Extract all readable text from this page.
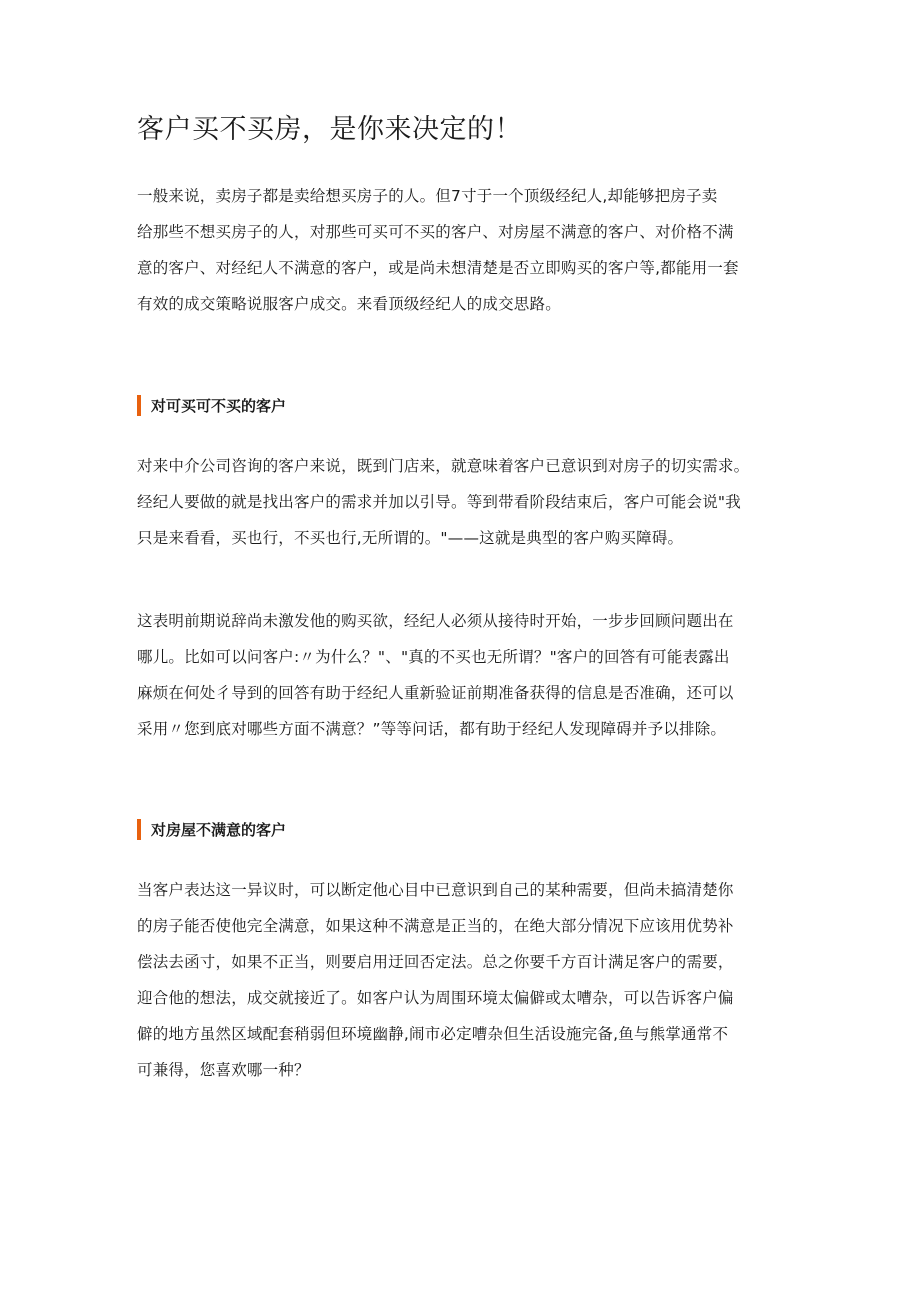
客户买不买房，是你来决定的！
一般来说，卖房子都是卖给想买房子的人。但7寸于一个顶级经纪人,却能够把房子卖
给那些不想买房子的人，对那些可买可不买的客户、对房屋不满意的客户、对价格不满
意的客户、对经纪人不满意的客户，或是尚未想清楚是否立即购买的客户等,都能用一套
有效的成交策略说服客户成交。来看顶级经纪人的成交思路。
对可买可不买的客户
对来中介公司咨询的客户来说，既到门店来，就意味着客户已意识到对房子的切实需求。
经纪人要做的就是找出客户的需求并加以引导。等到带看阶段结束后，客户可能会说"我
只是来看看，买也行，不买也行,无所谓的。"——这就是典型的客户购买障碍。
这表明前期说辞尚未激发他的购买欲，经纪人必须从接待时开始，一步步回顾问题出在
哪儿。比如可以问客户:〃为什么？"、"真的不买也无所谓？"客户的回答有可能表露出
麻烦在何处彳导到的回答有助于经纪人重新验证前期准备获得的信息是否准确，还可以
采用〃您到底对哪些方面不满意？”等等问话，都有助于经纪人发现障碍并予以排除。
对房屋不满意的客户
当客户表达这一异议时，可以断定他心目中已意识到自己的某种需要，但尚未搞清楚你
的房子能否使他完全满意，如果这种不满意是正当的，在绝大部分情况下应该用优势补
偿法去函寸，如果不正当，则要启用迂回否定法。总之你要千方百计满足客户的需要，
迎合他的想法，成交就接近了。如客户认为周围环境太偏僻或太嘈杂，可以告诉客户偏
僻的地方虽然区域配套稍弱但环境幽静,闹市必定嘈杂但生活设施完备,鱼与熊掌通常不
可兼得，您喜欢哪一种？
